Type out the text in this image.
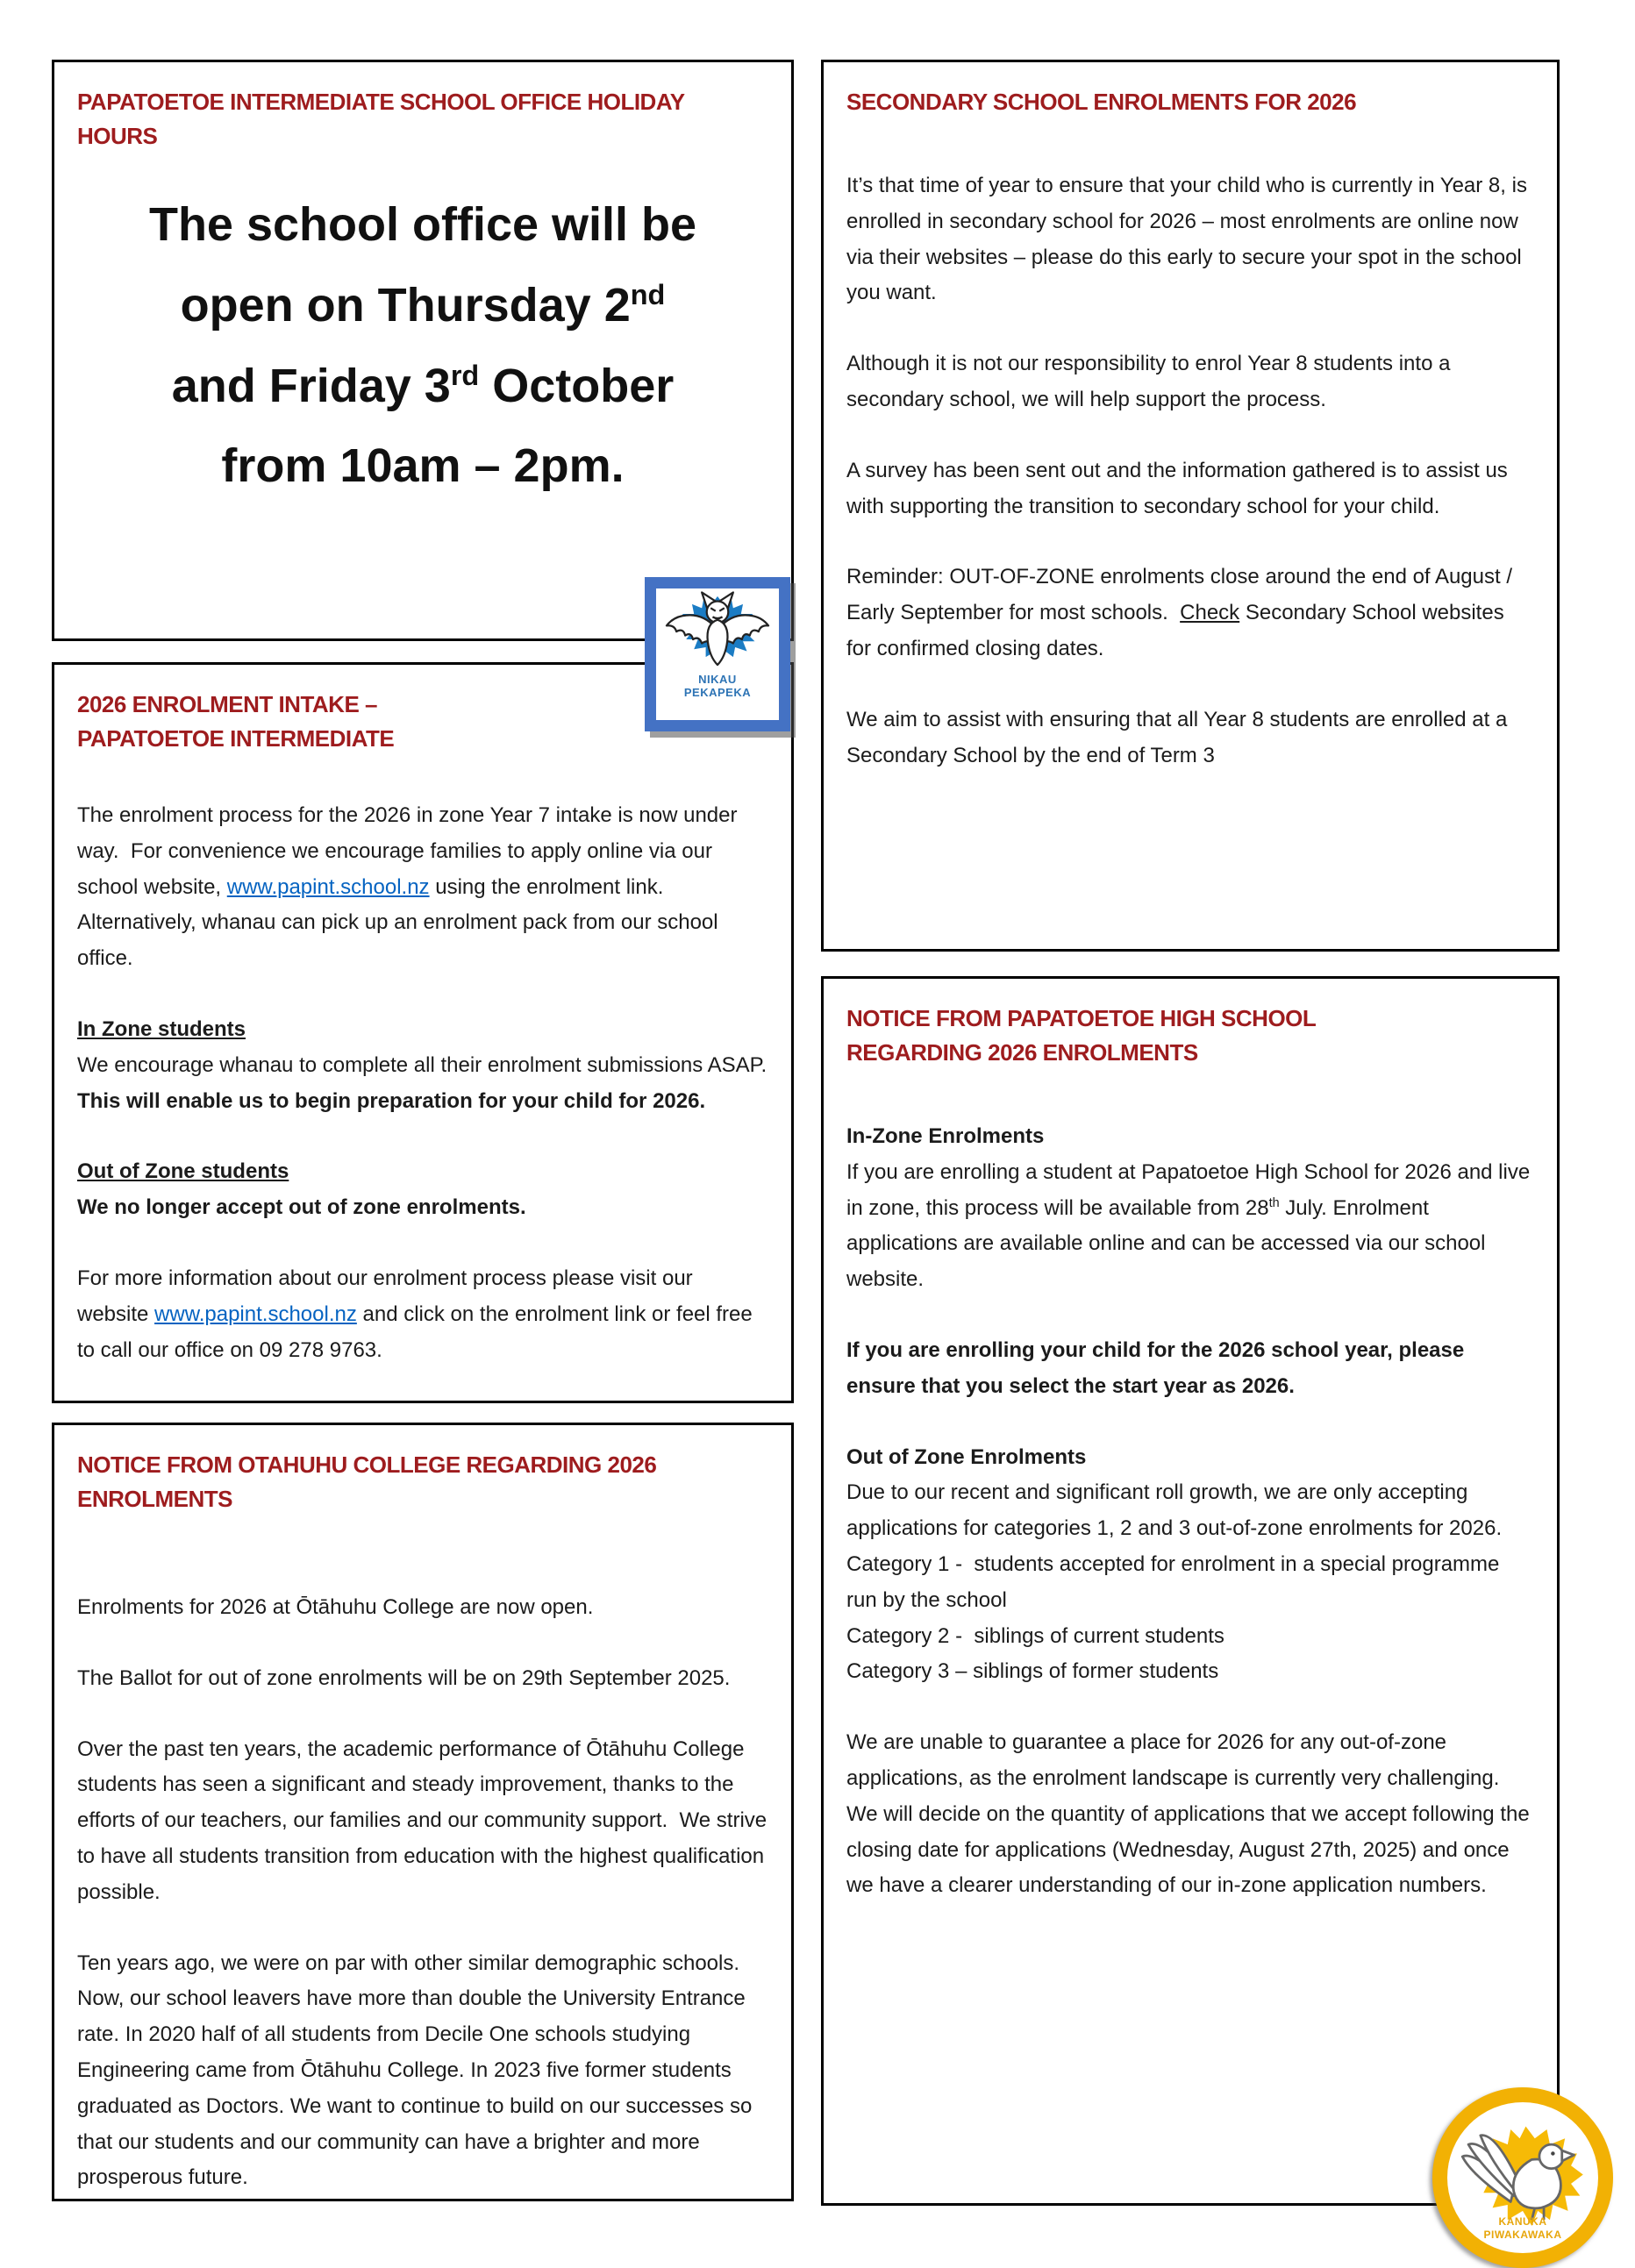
PAPATOETOE INTERMEDIATE SCHOOL OFFICE HOLIDAY
HOURS
The school office will be
open on Thursday 2nd
and Friday 3rd October
from 10am – 2pm.
2026 ENROLMENT INTAKE –
PAPATOETOE INTERMEDIATE

The enrolment process for the 2026 in zone Year 7 intake is now under way.  For convenience we encourage families to apply online via our school website, www.papint.school.nz using the enrolment link.  Alternatively, whanau can pick up an enrolment pack from our school office.

In Zone students

We encourage whanau to complete all their enrolment submissions ASAP.  This will enable us to begin preparation for your child for 2026.

Out of Zone students

We no longer accept out of zone enrolments.

For more information about our enrolment process please visit our website www.papint.school.nz and click on the enrolment link or feel free to call our office on 09 278 9763.

NOTICE FROM OTAHUHU COLLEGE REGARDING 2026
ENROLMENTS

Enrolments for 2026 at Ōtāhuhu College are now open.

The Ballot for out of zone enrolments will be on 29th September 2025.

Over the past ten years, the academic performance of Ōtāhuhu College students has seen a significant and steady improvement, thanks to the efforts of our teachers, our families and our community support.  We strive to have all students transition from education with the highest qualification possible.

Ten years ago, we were on par with other similar demographic schools. Now, our school leavers have more than double the University Entrance rate. In 2020 half of all students from Decile One schools studying Engineering came from Ōtāhuhu College. In 2023 five former students graduated as Doctors. We want to continue to build on our successes so that our students and our community can have a brighter and more prosperous future.

SECONDARY SCHOOL ENROLMENTS FOR 2026

It’s that time of year to ensure that your child who is currently in Year 8, is enrolled in secondary school for 2026 – most enrolments are online now via their websites – please do this early to secure your spot in the school you want.

Although it is not our responsibility to enrol Year 8 students into a secondary school, we will help support the process.

A survey has been sent out and the information gathered is to assist us with supporting the transition to secondary school for your child.

Reminder: OUT-OF-ZONE enrolments close around the end of August / Early September for most schools.  Check Secondary School websites for confirmed closing dates.

We aim to assist with ensuring that all Year 8 students are enrolled at a Secondary School by the end of Term 3

NOTICE FROM PAPATOETOE HIGH SCHOOL
REGARDING 2026 ENROLMENTS

In-Zone Enrolments

If you are enrolling a student at Papatoetoe High School for 2026 and live in zone, this process will be available from 28th July. Enrolment applications are available online and can be accessed via our school website.

If you are enrolling your child for the 2026 school year, please ensure that you select the start year as 2026.

Out of Zone Enrolments

Due to our recent and significant roll growth, we are only accepting applications for categories 1, 2 and 3 out-of-zone enrolments for 2026.

Category 1 -  students accepted for enrolment in a special programme run by the school

Category 2 -  siblings of current students

Category 3 – siblings of former students

We are unable to guarantee a place for 2026 for any out-of-zone applications, as the enrolment landscape is currently very challenging.  We will decide on the quantity of applications that we accept following the closing date for applications (Wednesday, August 27th, 2025) and once we have a clearer understanding of our in-zone application numbers.

NIKAU
PEKAPEKA
KANUKA
PIWAKAWAKA
